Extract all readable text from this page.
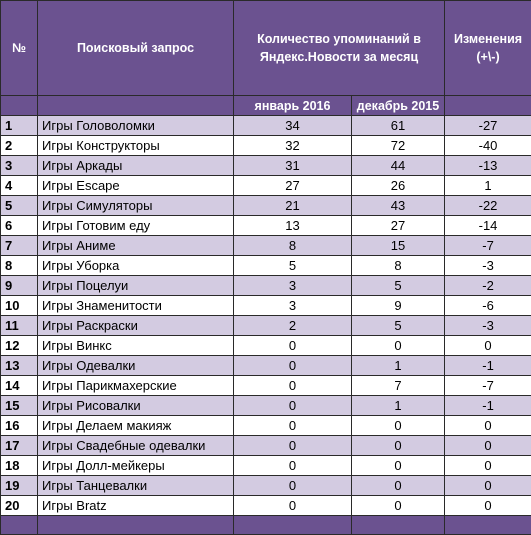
№	Поисковый запрос	Количество упоминаний в Яндекс.Новости за месяц		Изменения (+\-)
		январь 2016	декабрь 2015	
1	Игры Головоломки	34	61	-27
2	Игры Конструкторы	32	72	-40
3	Игры Аркады	31	44	-13
4	Игры Escape	27	26	1
5	Игры Симуляторы	21	43	-22
6	Игры Готовим еду	13	27	-14
7	Игры Аниме	8	15	-7
8	Игры Уборка	5	8	-3
9	Игры Поцелуи	3	5	-2
10	Игры Знаменитости	3	9	-6
11	Игры Раскраски	2	5	-3
12	Игры Винкс	0	0	0
13	Игры Одевалки	0	1	-1
14	Игры Парикмахерские	0	7	-7
15	Игры Рисовалки	0	1	-1
16	Игры Делаем макияж	0	0	0
17	Игры Свадебные одевалки	0	0	0
18	Игры Долл-мейкеры	0	0	0
19	Игры Танцевалки	0	0	0
20	Игры Bratz	0	0	0
